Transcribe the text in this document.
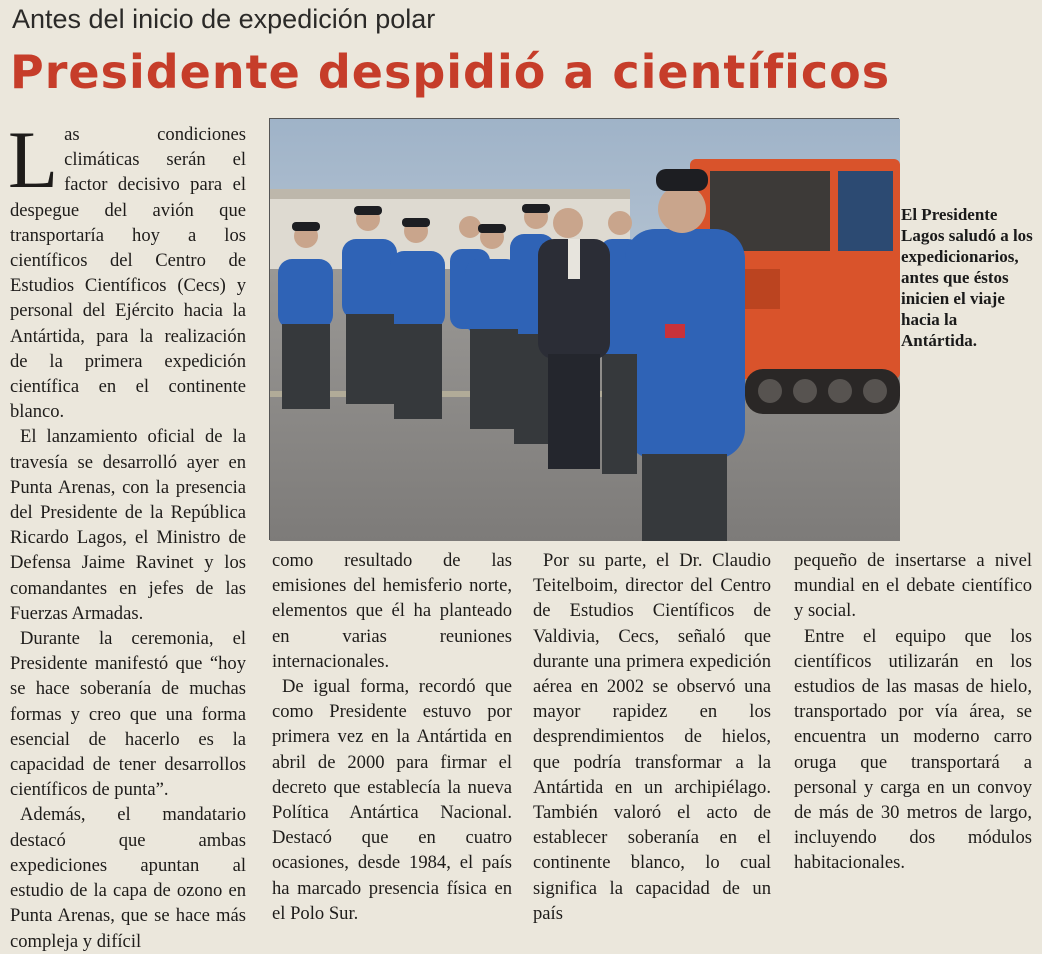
Antes del inicio de expedición polar
Presidente despidió a científicos

Las condiciones climáticas serán el factor decisivo para el despegue del avión que transportaría hoy a los científicos del Centro de Estudios Científicos (Cecs) y personal del Ejército hacia la Antártida, para la realización de la primera expedición científica en el continente blanco.

El lanzamiento oficial de la travesía se desarrolló ayer en Punta Arenas, con la presencia del Presidente de la República Ricardo Lagos, el Ministro de Defensa Jaime Ravinet y los comandantes en jefes de las Fuerzas Armadas.

Durante la ceremonia, el Presidente manifestó que “hoy se hace soberanía de muchas formas y creo que una forma esencial de hacerlo es la capacidad de tener desarrollos científicos de punta”.

Además, el mandatario destacó que ambas expediciones apuntan al estudio de la capa de ozono en Punta Arenas, que se hace más compleja y difícil

El Presidente Lagos saludó a los expedicionarios, antes que éstos inicien el viaje hacia la Antártida.

como resultado de las emisiones del hemisferio norte, elementos que él ha planteado en varias reuniones internacionales.

De igual forma, recordó que como Presidente estuvo por primera vez en la Antártida en abril de 2000 para firmar el decreto que establecía la nueva Política Antártica Nacional. Destacó que en cuatro ocasiones, desde 1984, el país ha marcado presencia física en el Polo Sur.

Por su parte, el Dr. Claudio Teitelboim, director del Centro de Estudios Científicos de Valdivia, Cecs, señaló que durante una primera expedición aérea en 2002 se observó una mayor rapidez en los desprendimientos de hielos, que podría transformar a la Antártida en un archipiélago. También valoró el acto de establecer soberanía en el continente blanco, lo cual significa la capacidad de un país

pequeño de insertarse a nivel mundial en el debate científico y social.

Entre el equipo que los científicos utilizarán en los estudios de las masas de hielo, transportado por vía área, se encuentra un moderno carro oruga que transportará a personal y carga en un convoy de más de 30 metros de largo, incluyendo dos módulos habitacionales.
